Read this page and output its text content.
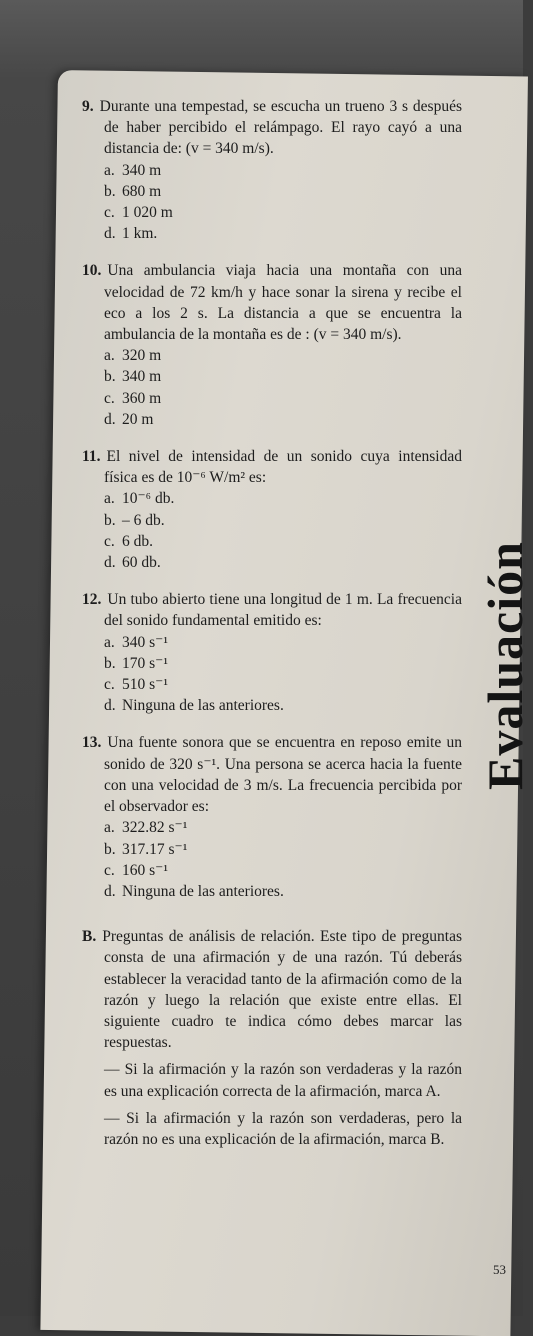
9. Durante una tempestad, se escucha un trueno 3 s después de haber percibido el relámpago. El rayo cayó a una distancia de: (v = 340 m/s).
a. 340 m
b. 680 m
c. 1 020 m
d. 1 km.
10. Una ambulancia viaja hacia una montaña con una velocidad de 72 km/h y hace sonar la sirena y recibe el eco a los 2 s. La distancia a que se encuentra la ambulancia de la montaña es de : (v = 340 m/s).
a. 320 m
b. 340 m
c. 360 m
d. 20 m
11. El nivel de intensidad de un sonido cuya intensidad física es de 10⁻⁶ W/m² es:
a. 10⁻⁶ db.
b. – 6 db.
c. 6 db.
d. 60 db.
12. Un tubo abierto tiene una longitud de 1 m. La frecuencia del sonido fundamental emitido es:
a. 340 s⁻¹
b. 170 s⁻¹
c. 510 s⁻¹
d. Ninguna de las anteriores.
13. Una fuente sonora que se encuentra en reposo emite un sonido de 320 s⁻¹. Una persona se acerca hacia la fuente con una velocidad de 3 m/s. La frecuencia percibida por el observador es:
a. 322.82 s⁻¹
b. 317.17 s⁻¹
c. 160 s⁻¹
d. Ninguna de las anteriores.
B. Preguntas de análisis de relación. Este tipo de preguntas consta de una afirmación y de una razón. Tú deberás establecer la veracidad tanto de la afirmación como de la razón y luego la relación que existe entre ellas. El siguiente cuadro te indica cómo debes marcar las respuestas.
— Si la afirmación y la razón son verdaderas y la razón es una explicación correcta de la afirmación, marca A.
— Si la afirmación y la razón son verdaderas, pero la razón no es una explicación de la afirmación, marca B.
Evaluación
53
